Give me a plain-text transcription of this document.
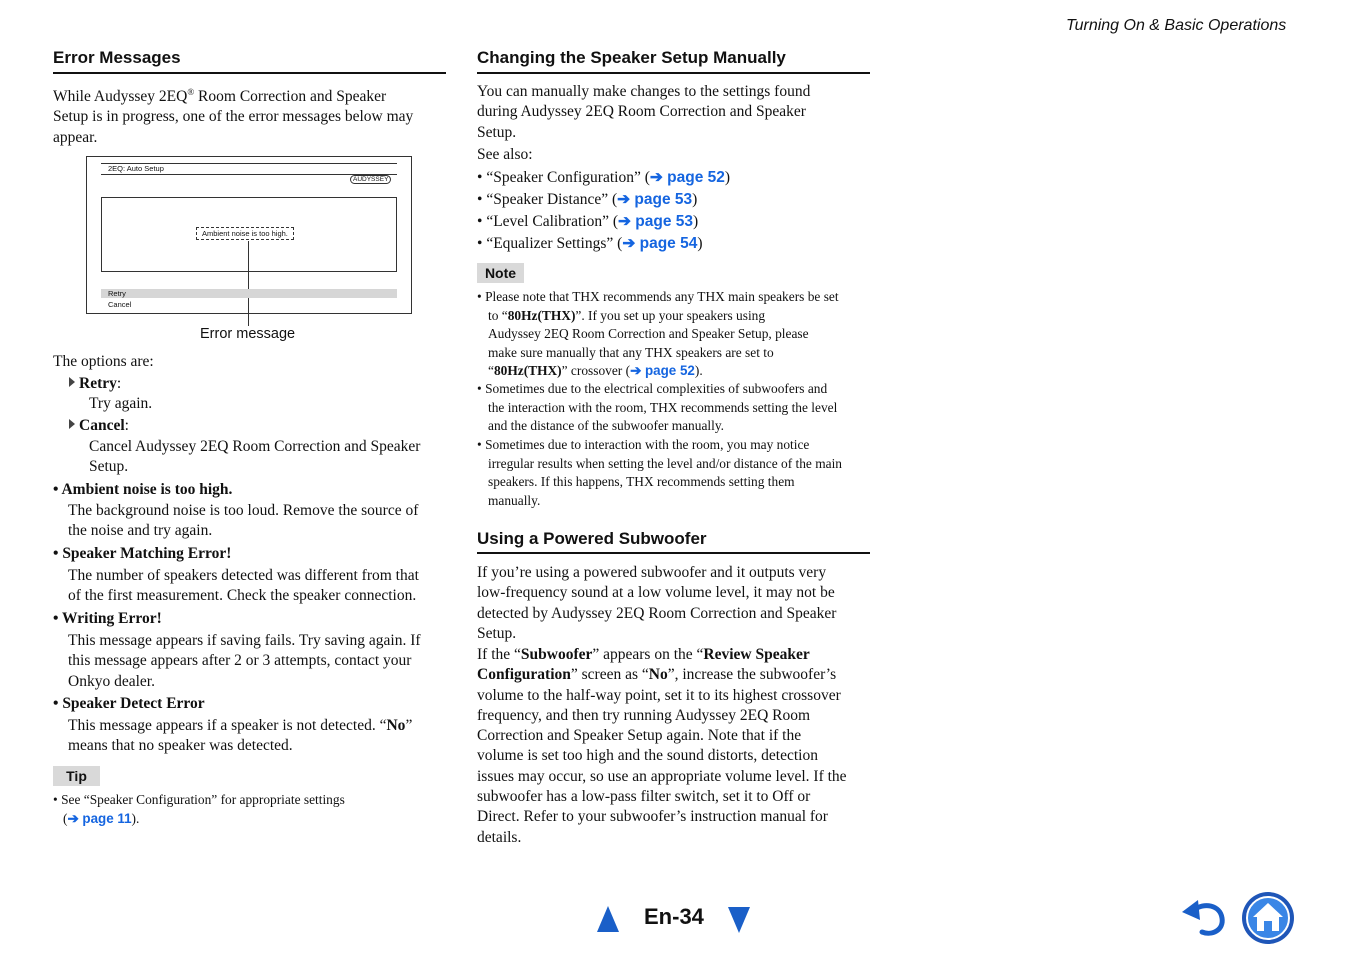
Turning On & Basic Operations
Error Messages
While Audyssey 2EQ® Room Correction and Speaker
Setup is in progress, one of the error messages below may
appear.
2EQ: Auto Setup
AUDYSSEY
Ambient noise is too high.
Retry
Cancel
Error message
The options are:
Retry:
Try again.
Cancel:
Cancel Audyssey 2EQ Room Correction and Speaker
Setup.
• Ambient noise is too high.
The background noise is too loud. Remove the source of
the noise and try again.
• Speaker Matching Error!
The number of speakers detected was different from that
of the first measurement. Check the speaker connection.
• Writing Error!
This message appears if saving fails. Try saving again. If
this message appears after 2 or 3 attempts, contact your
Onkyo dealer.
• Speaker Detect Error
This message appears if a speaker is not detected. “No”
means that no speaker was detected.
Tip
• See “Speaker Configuration” for appropriate settings
(➔ page 11).
Changing the Speaker Setup Manually
You can manually make changes to the settings found
during Audyssey 2EQ Room Correction and Speaker
Setup.
See also:
• “Speaker Configuration” (➔ page 52)
• “Speaker Distance” (➔ page 53)
• “Level Calibration” (➔ page 53)
• “Equalizer Settings” (➔ page 54)
Note
• Please note that THX recommends any THX main speakers be set
to “80Hz(THX)”. If you set up your speakers using
Audyssey 2EQ Room Correction and Speaker Setup, please
make sure manually that any THX speakers are set to
“80Hz(THX)” crossover (➔ page 52).
• Sometimes due to the electrical complexities of subwoofers and
the interaction with the room, THX recommends setting the level
and the distance of the subwoofer manually.
• Sometimes due to interaction with the room, you may notice
irregular results when setting the level and/or distance of the main
speakers. If this happens, THX recommends setting them
manually.
Using a Powered Subwoofer
If you’re using a powered subwoofer and it outputs very
low-frequency sound at a low volume level, it may not be
detected by Audyssey 2EQ Room Correction and Speaker
Setup.
If the “Subwoofer” appears on the “Review Speaker
Configuration” screen as “No”, increase the subwoofer’s
volume to the half-way point, set it to its highest crossover
frequency, and then try running Audyssey 2EQ Room
Correction and Speaker Setup again. Note that if the
volume is set too high and the sound distorts, detection
issues may occur, so use an appropriate volume level. If the
subwoofer has a low-pass filter switch, set it to Off or
Direct. Refer to your subwoofer’s instruction manual for
details.
En-34
